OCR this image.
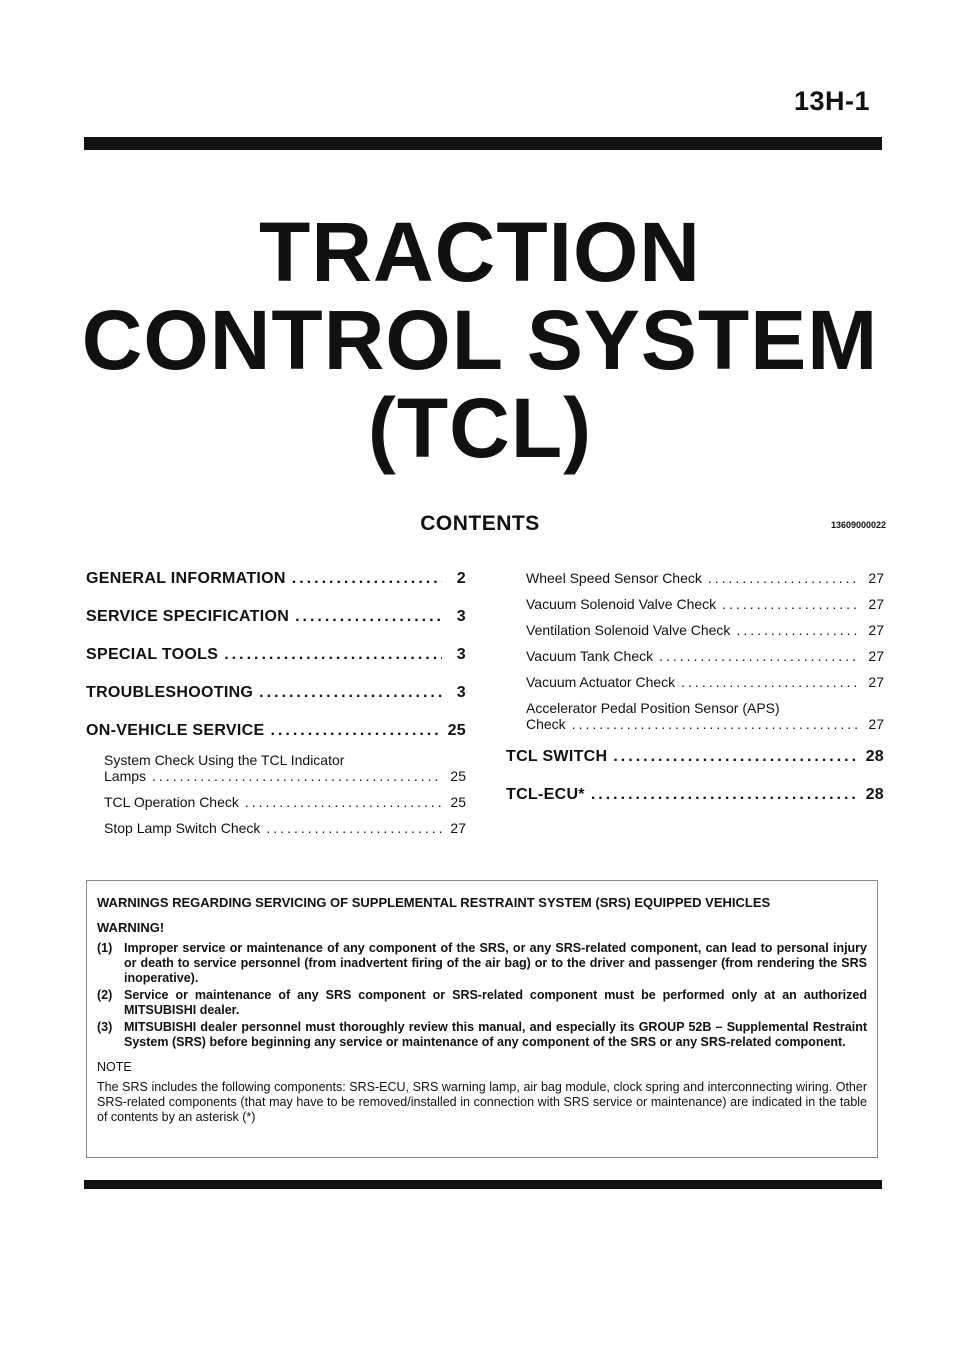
13H-1
TRACTION
CONTROL SYSTEM
(TCL)
CONTENTS	13609000022
GENERAL INFORMATION .....	2
SERVICE SPECIFICATION .....	3
SPECIAL TOOLS .....	3
TROUBLESHOOTING .....	3
ON-VEHICLE SERVICE .....	25
System Check Using the TCL Indicator
Lamps .....	25
TCL Operation Check .....	25
Stop Lamp Switch Check .....	27
Wheel Speed Sensor Check .....	27
Vacuum Solenoid Valve Check .....	27
Ventilation Solenoid Valve Check .....	27
Vacuum Tank Check .....	27
Vacuum Actuator Check .....	27
Accelerator Pedal Position Sensor (APS)
Check .....	27
TCL SWITCH .....	28
TCL-ECU* .....	28
WARNINGS REGARDING SERVICING OF SUPPLEMENTAL RESTRAINT SYSTEM (SRS) EQUIPPED VEHICLES
WARNING!
(1) Improper service or maintenance of any component of the SRS, or any SRS-related component, can lead to personal injury or death to service personnel (from inadvertent firing of the air bag) or to the driver and passenger (from rendering the SRS inoperative).
(2) Service or maintenance of any SRS component or SRS-related component must be performed only at an authorized MITSUBISHI dealer.
(3) MITSUBISHI dealer personnel must thoroughly review this manual, and especially its GROUP 52B – Supplemental Restraint System (SRS) before beginning any service or maintenance of any component of the SRS or any SRS-related component.
NOTE
The SRS includes the following components: SRS-ECU, SRS warning lamp, air bag module, clock spring and interconnecting wiring. Other SRS-related components (that may have to be removed/installed in connection with SRS service or maintenance) are indicated in the table of contents by an asterisk (*)
